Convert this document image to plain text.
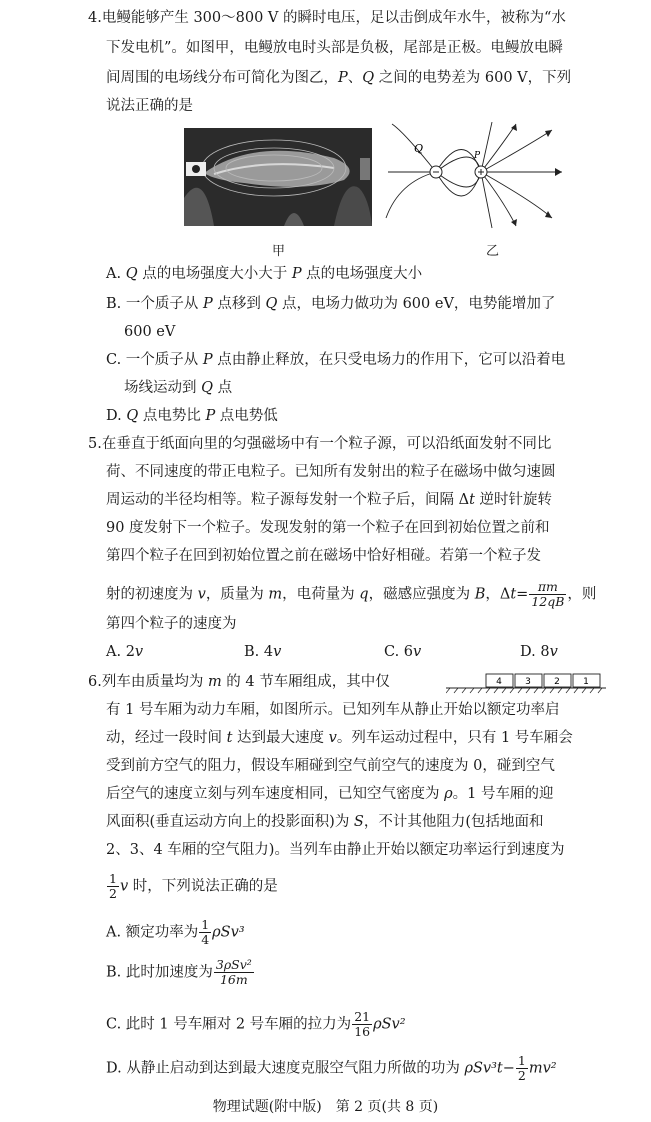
4.电鳗能够产生 300～800 V 的瞬时电压，足以击倒成年水牛，被称为“水
下发电机”。如图甲，电鳗放电时头部是负极，尾部是正极。电鳗放电瞬
间周围的电场线分布可简化为图乙，P、Q 之间的电势差为 600 V，下列
说法正确的是
Q
P
甲	乙
A. Q 点的电场强度大小大于 P 点的电场强度大小
B. 一个质子从 P 点移到 Q 点，电场力做功为 600 eV，电势能增加了
600 eV
C. 一个质子从 P 点由静止释放，在只受电场力的作用下，它可以沿着电
场线运动到 Q 点
D. Q 点电势比 P 点电势低
5.在垂直于纸面向里的匀强磁场中有一个粒子源，可以沿纸面发射不同比
荷、不同速度的带正电粒子。已知所有发射出的粒子在磁场中做匀速圆
周运动的半径均相等。粒子源每发射一个粒子后，间隔 Δt 逆时针旋转
90 度发射下一个粒子。发现发射的第一个粒子在回到初始位置之前和
第四个粒子在回到初始位置之前在磁场中恰好相碰。若第一个粒子发
射的初速度为 v，质量为 m，电荷量为 q，磁感应强度为 B，$\Delta t= \frac{\pi m}{12qB}$ ，则
第四个粒子的速度为
A. 2v	B. 4v	C. 6v	D. 8v
6.列车由质量均为 m 的 4 节车厢组成，其中仅	4	3	2	1
有 1 号车厢为动力车厢，如图所示。已知列车从静止开始以额定功率启
动，经过一段时间 t 达到最大速度 v。列车运动过程中，只有 1 号车厢会
受到前方空气的阻力，假设车厢碰到空气前空气的速度为 0，碰到空气
后空气的速度立刻与列车速度相同，已知空气密度为 ρ。1 号车厢的迎
风面积(垂直运动方向上的投影面积)为 S，不计其他阻力(包括地面和
2、3、4 车厢的空气阻力)。当列车由静止开始以额定功率运行到速度为
$\frac{1}{2}$ v 时，下列说法正确的是
A. 额定功率为 $\frac{1}{4} \rho Sv^3$
B. 此时加速度为 $\frac{\text{3ρSv²}}{16m}$
C. 此时 1 号车厢对 2 号车厢的拉力为 $\frac{21}{16} \rho Sv^2$
D. 从静止启动到达到最大速度克服空气阻力所做的功为 $\rho Sv^3t- \frac{1}{2} mv^2$
物理试题(附中版)　第 2 页(共 8 页)
